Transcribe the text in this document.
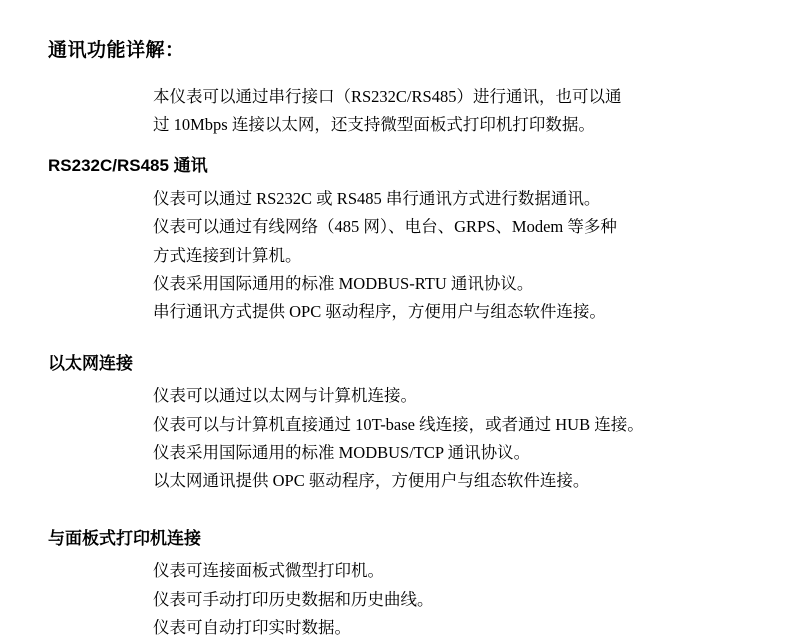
通讯功能详解：

本仪表可以通过串行接口（RS232C/RS485）进行通讯，也可以通

过 10Mbps 连接以太网，还支持微型面板式打印机打印数据。

RS232C/RS485 通讯

仪表可以通过 RS232C 或 RS485 串行通讯方式进行数据通讯。

仪表可以通过有线网络（485 网）、电台、GRPS、Modem 等多种

方式连接到计算机。

仪表采用国际通用的标准 MODBUS-RTU 通讯协议。

串行通讯方式提供 OPC 驱动程序，方便用户与组态软件连接。

以太网连接

仪表可以通过以太网与计算机连接。

仪表可以与计算机直接通过 10T-base 线连接，或者通过 HUB 连接。

仪表采用国际通用的标准 MODBUS/TCP 通讯协议。

以太网通讯提供 OPC 驱动程序，方便用户与组态软件连接。

与面板式打印机连接

仪表可连接面板式微型打印机。

仪表可手动打印历史数据和历史曲线。

仪表可自动打印实时数据。
